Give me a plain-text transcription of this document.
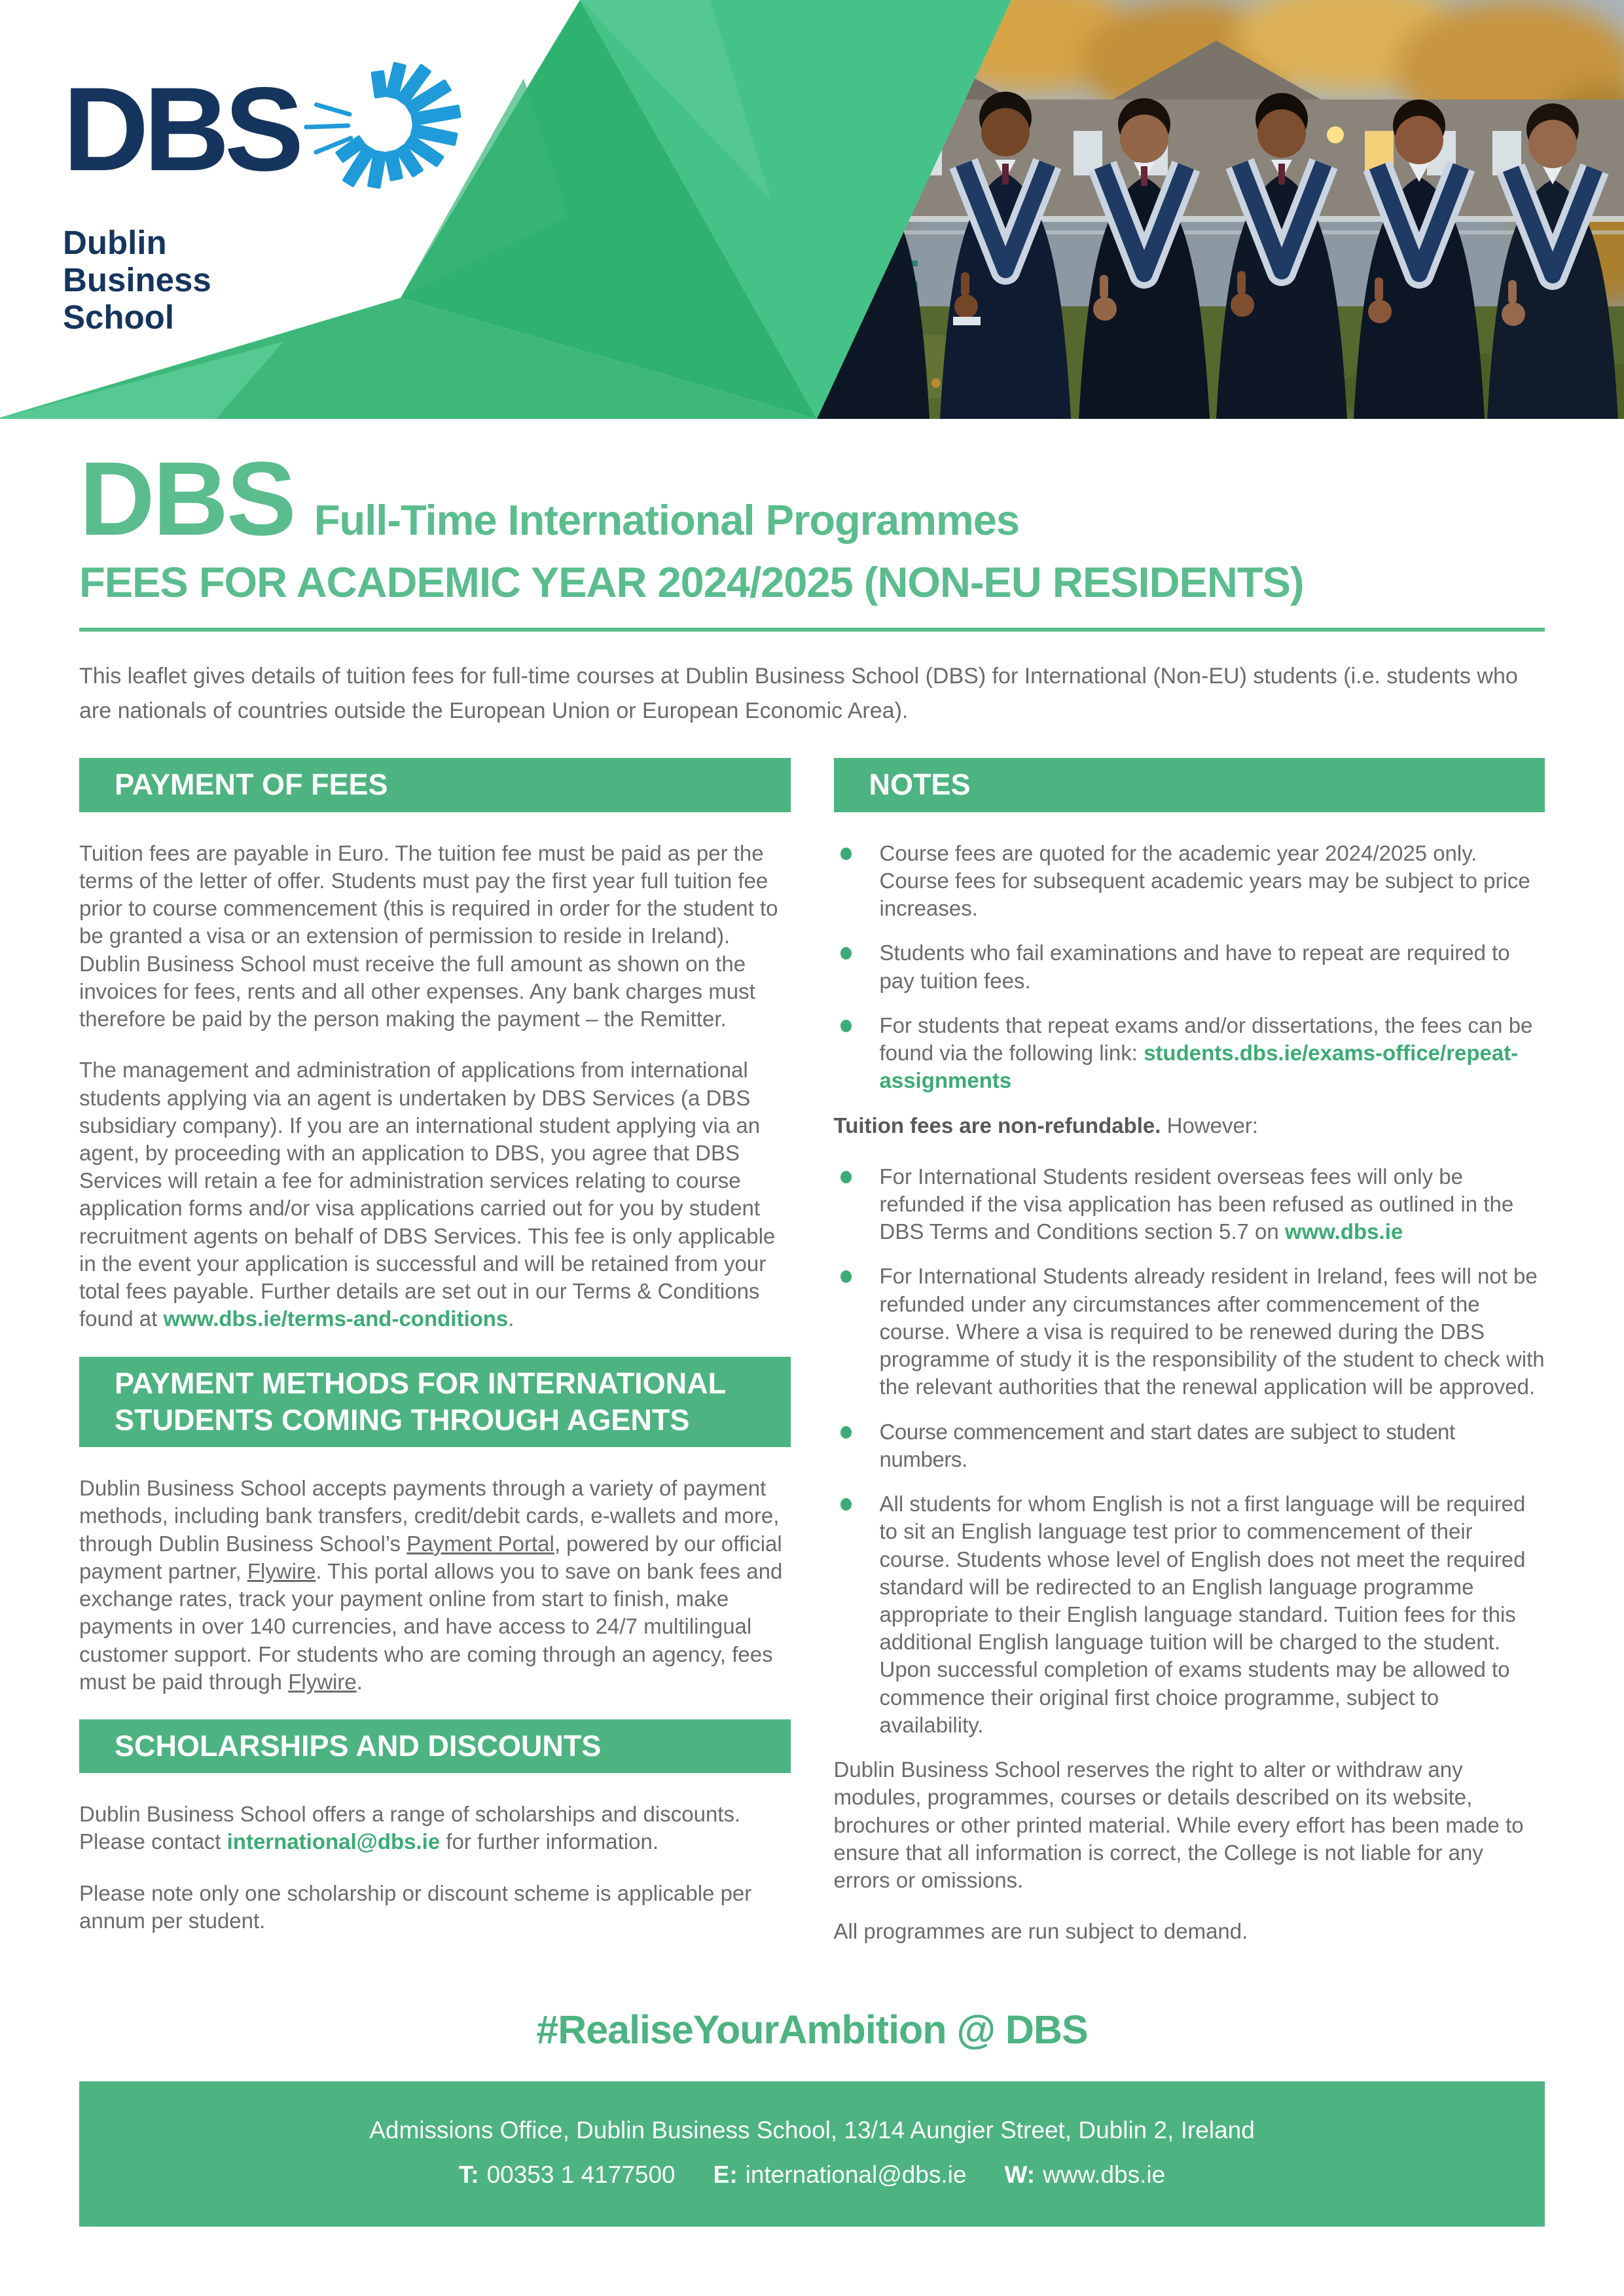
DBS
Dublin
Business
School
DBS Full-Time International Programmes
FEES FOR ACADEMIC YEAR 2024/2025 (NON-EU RESIDENTS)

This leaflet gives details of tuition fees for full-time courses at Dublin Business School (DBS) for International (Non-EU) students (i.e. students who are nationals of countries outside the European Union or European Economic Area).

PAYMENT OF FEES

Tuition fees are payable in Euro. The tuition fee must be paid as per the terms of the letter of offer. Students must pay the first year full tuition fee prior to course commencement (this is required in order for the student to be granted a visa or an extension of permission to reside in Ireland). Dublin Business School must receive the full amount as shown on the invoices for fees, rents and all other expenses. Any bank charges must therefore be paid by the person making the payment – the Remitter.

The management and administration of applications from international students applying via an agent is undertaken by DBS Services (a DBS subsidiary company). If you are an international student applying via an agent, by proceeding with an application to DBS, you agree that DBS Services will retain a fee for administration services relating to course application forms and/or visa applications carried out for you by student recruitment agents on behalf of DBS Services. This fee is only applicable in the event your application is successful and will be retained from your total fees payable. Further details are set out in our Terms & Conditions found at www.dbs.ie/terms-and-conditions.

PAYMENT METHODS FOR INTERNATIONAL STUDENTS COMING THROUGH AGENTS

Dublin Business School accepts payments through a variety of payment methods, including bank transfers, credit/debit cards, e-wallets and more, through Dublin Business School’s Payment Portal, powered by our official payment partner, Flywire. This portal allows you to save on bank fees and exchange rates, track your payment online from start to finish, make payments in over 140 currencies, and have access to 24/7 multilingual customer support. For students who are coming through an agency, fees must be paid through Flywire.

SCHOLARSHIPS AND DISCOUNTS

Dublin Business School offers a range of scholarships and discounts. Please contact international@dbs.ie for further information.

Please note only one scholarship or discount scheme is applicable per annum per student.

NOTES
Course fees are quoted for the academic year 2024/2025 only. Course fees for subsequent academic years may be subject to price increases.
Students who fail examinations and have to repeat are required to pay tuition fees.
For students that repeat exams and/or dissertations, the fees can be found via the following link: students.dbs.ie/exams-office/repeat-assignments

Tuition fees are non-refundable. However:

For International Students resident overseas fees will only be refunded if the visa application has been refused as outlined in the DBS Terms and Conditions section 5.7 on www.dbs.ie
For International Students already resident in Ireland, fees will not be refunded under any circumstances after commencement of the course. Where a visa is required to be renewed during the DBS programme of study it is the responsibility of the student to check with the relevant authorities that the renewal application will be approved.
Course commencement and start dates are subject to student numbers.
All students for whom English is not a first language will be required to sit an English language test prior to commencement of their course. Students whose level of English does not meet the required standard will be redirected to an English language programme appropriate to their English language standard. Tuition fees for this additional English language tuition will be charged to the student. Upon successful completion of exams students may be allowed to commence their original first choice programme, subject to availability.

Dublin Business School reserves the right to alter or withdraw any modules, programmes, courses or details described on its website, brochures or other printed material. While every effort has been made to ensure that all information is correct, the College is not liable for any errors or omissions.

All programmes are run subject to demand.

#RealiseYourAmbition @ DBS
Admissions Office, Dublin Business School, 13/14 Aungier Street, Dublin 2, Ireland
T: 00353 1 4177500 E: international@dbs.ie W: www.dbs.ie
